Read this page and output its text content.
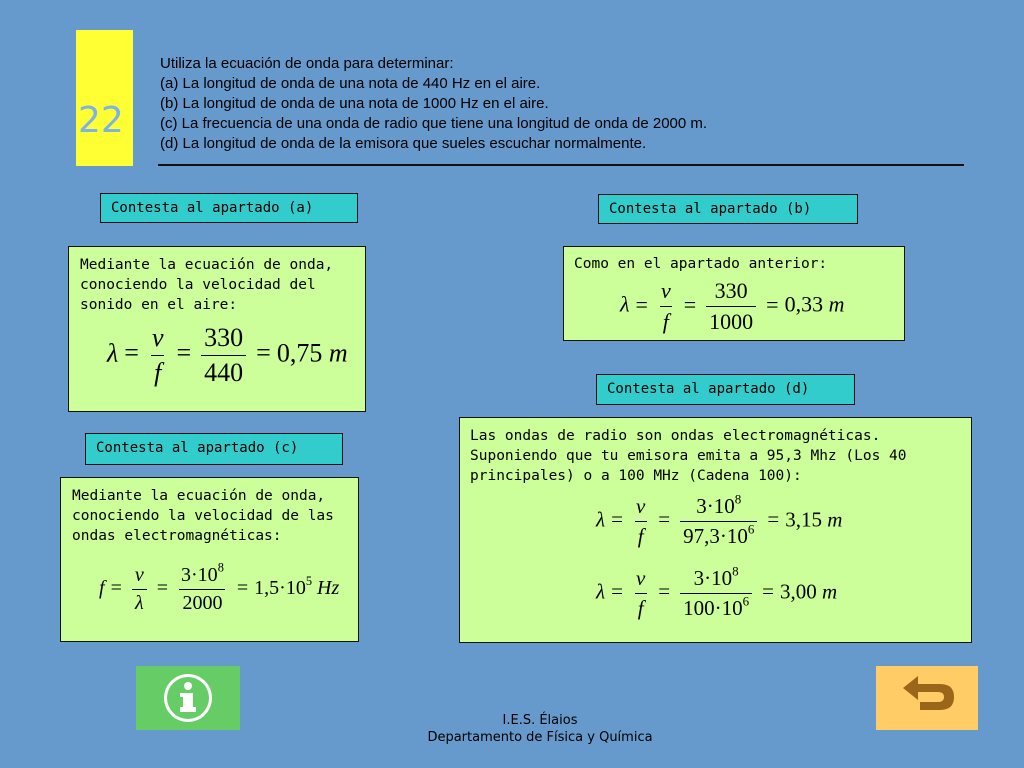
22
Utiliza la ecuación de onda para determinar:
(a) La longitud de onda de una nota de 440 Hz en el aire.
(b) La longitud de onda de una nota de 1000 Hz en el aire.
(c) La frecuencia de una onda de radio que tiene una longitud de onda de 2000 m.
(d) La longitud de onda de la emisora que sueles escuchar normalmente.
Contesta al apartado (a)	Contesta al apartado (b)
Mediante la ecuación de onda,
conociendo la velocidad del
sonido en el aire:
$\lambda = \frac{v}{f} = \frac{330}{440} = 0,75$ m
Como en el apartado anterior:
$\lambda = \frac{v}{f} = \frac{330}{1000} = 0,33$ m
Contesta al apartado (d)
Contesta al apartado (c)
Mediante la ecuación de onda,
conociendo la velocidad de las
ondas electromagnéticas:
$f = \frac{v}{\lambda} = \frac{3\cdot 10^8}{2000} = 1,5\cdot 10^5$ Hz
Las ondas de radio son ondas electromagnéticas.
Suponiendo que tu emisora emita a 95,3 Mhz (Los 40
principales) o a 100 MHz (Cadena 100):
$\lambda = \frac{v}{f} = \frac{3\cdot 10^8}{97,3\cdot 10^6} = 3,15$ m
$\lambda = \frac{v}{f} = \frac{3\cdot 10^8}{100\cdot 10^6} = 3,00$ m
I.E.S. Élaios
Departamento de Física y Química
